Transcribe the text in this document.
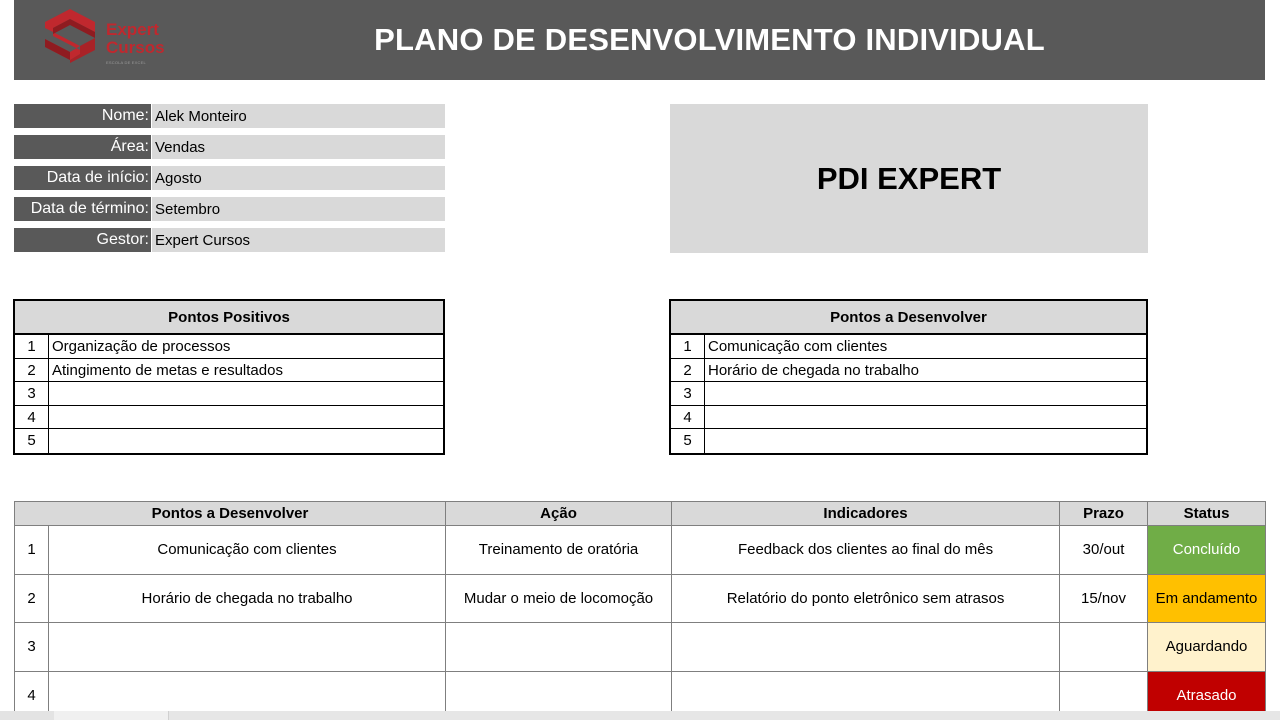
Expert
Cursos
ESCOLA DE EXCEL
PLANO DE DESENVOLVIMENTO INDIVIDUAL
Nome: Alek Monteiro
Área: Vendas
Data de início: Agosto
Data de término: Setembro
Gestor: Expert Cursos
PDI EXPERT
Pontos Positivos
1	Organização de processos
2	Atingimento de metas e resultados
3
4
5
Pontos a Desenvolver
1	Comunicação com clientes
2	Horário de chegada no trabalho
3
4
5
Pontos a Desenvolver		Ação	Indicadores	Prazo	Status
1	Comunicação com clientes	Treinamento de oratória	Feedback dos clientes ao final do mês	30/out	Concluído
2	Horário de chegada no trabalho	Mudar o meio de locomoção	Relatório do ponto eletrônico sem atrasos	15/nov	Em andamento
3					Aguardando
4					Atrasado
